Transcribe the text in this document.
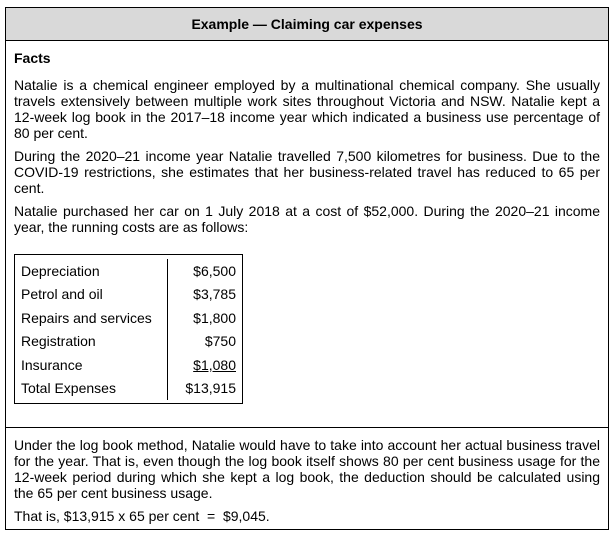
Example — Claiming car expenses
Facts

Natalie is a chemical engineer employed by a multinational chemical company. She usually travels extensively between multiple work sites throughout Victoria and NSW. Natalie kept a 12-week log book in the 2017–18 income year which indicated a business use percentage of 80 per cent.

During the 2020–21 income year Natalie travelled 7,500 kilometres for business. Due to the COVID-19 restrictions, she estimates that her business-related travel has reduced to 65 per cent.

Natalie purchased her car on 1 July 2018 at a cost of $52,000. During the 2020–21 income year, the running costs are as follows:

Depreciation	$6,500
Petrol and oil	$3,785
Repairs and services	$1,800
Registration	$750
Insurance	$1,080
Total Expenses	$13,915

Under the log book method, Natalie would have to take into account her actual business travel for the year. That is, even though the log book itself shows 80 per cent business usage for the 12-week period during which she kept a log book, the deduction should be calculated using the 65 per cent business usage.

That is, $13,915 x 65 per cent  =  $9,045.
